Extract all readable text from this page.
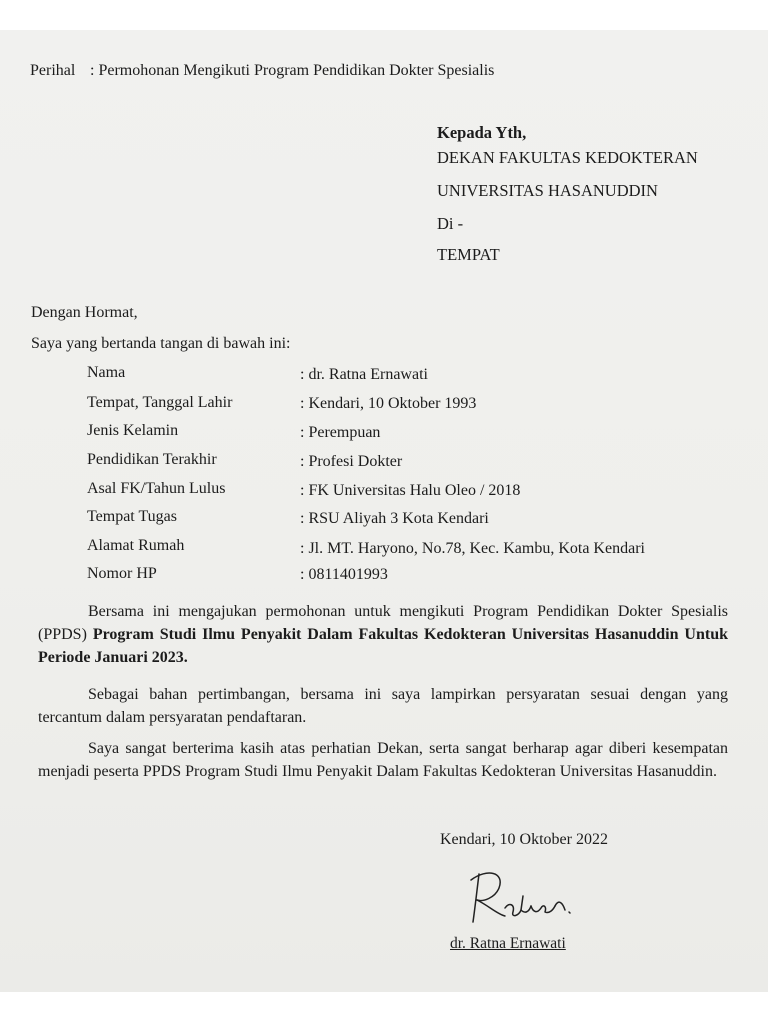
Perihal : Permohonan Mengikuti Program Pendidikan Dokter Spesialis
Kepada Yth,
DEKAN FAKULTAS KEDOKTERAN
UNIVERSITAS HASANUDDIN
Di -
TEMPAT
Dengan Hormat,
Saya yang bertanda tangan di bawah ini:
Nama	: dr. Ratna Ernawati
Tempat, Tanggal Lahir	: Kendari, 10 Oktober 1993
Jenis Kelamin	: Perempuan
Pendidikan Terakhir	: Profesi Dokter
Asal FK/Tahun Lulus	: FK Universitas Halu Oleo / 2018
Tempat Tugas	: RSU Aliyah 3 Kota Kendari
Alamat Rumah	: Jl. MT. Haryono, No.78, Kec. Kambu, Kota Kendari
Nomor HP	: 0811401993
Bersama ini mengajukan permohonan untuk mengikuti Program Pendidikan Dokter Spesialis (PPDS) Program Studi Ilmu Penyakit Dalam Fakultas Kedokteran Universitas Hasanuddin Untuk Periode Januari 2023.
Sebagai bahan pertimbangan, bersama ini saya lampirkan persyaratan sesuai dengan yang tercantum dalam persyaratan pendaftaran.
Saya sangat berterima kasih atas perhatian Dekan, serta sangat berharap agar diberi kesempatan menjadi peserta PPDS Program Studi Ilmu Penyakit Dalam Fakultas Kedokteran Universitas Hasanuddin.
Kendari, 10 Oktober 2022
dr. Ratna Ernawati
